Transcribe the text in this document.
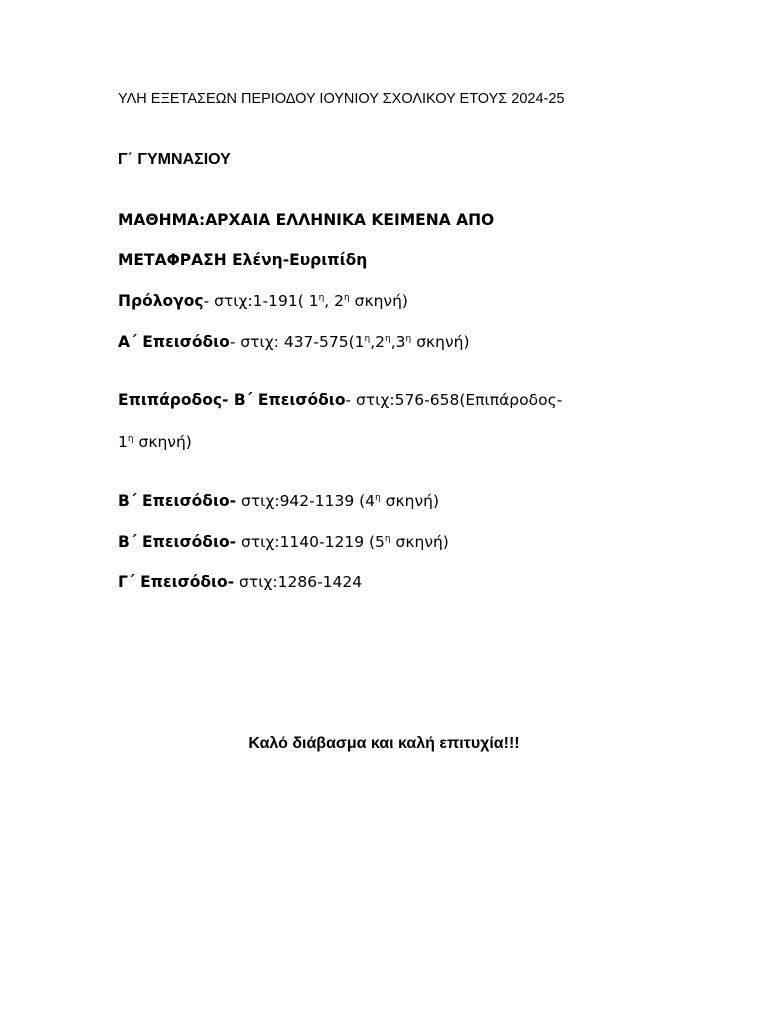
ΥΛΗ ΕΞΕΤΑΣΕΩΝ ΠΕΡΙΟΔΟΥ ΙΟΥΝΙΟΥ ΣΧΟΛΙΚΟΥ ΕΤΟΥΣ 2024-25
Γ΄ ΓΥΜΝΑΣΙΟΥ
ΜΑΘΗΜΑ:ΑΡΧΑΙΑ ΕΛΛΗΝΙΚΑ ΚΕΙΜΕΝΑ ΑΠΟ
ΜΕΤΑΦΡΑΣΗ Ελένη-Ευριπίδη
Πρόλογος- στιχ:1-191( $1^\eta$, $2^\eta$ σκηνή)
Α΄ Επεισόδιο- στιχ: $437-575(1^\eta,2^\eta,3^\eta$ σκηνή)
Επιπάροδος- Β΄ Επεισόδιο- στιχ:576-658(Επιπάροδος-
$1^\eta$ σκηνή)
Β΄ Επεισόδιο- στιχ:942-1139 ($4^\eta$ σκηνή)
Β΄ Επεισόδιο- στιχ:1140-1219 ($5^\eta$ σκηνή)
Γ΄ Επεισόδιο- στιχ:1286-1424
Καλό διάβασμα και καλή επιτυχία!!!
